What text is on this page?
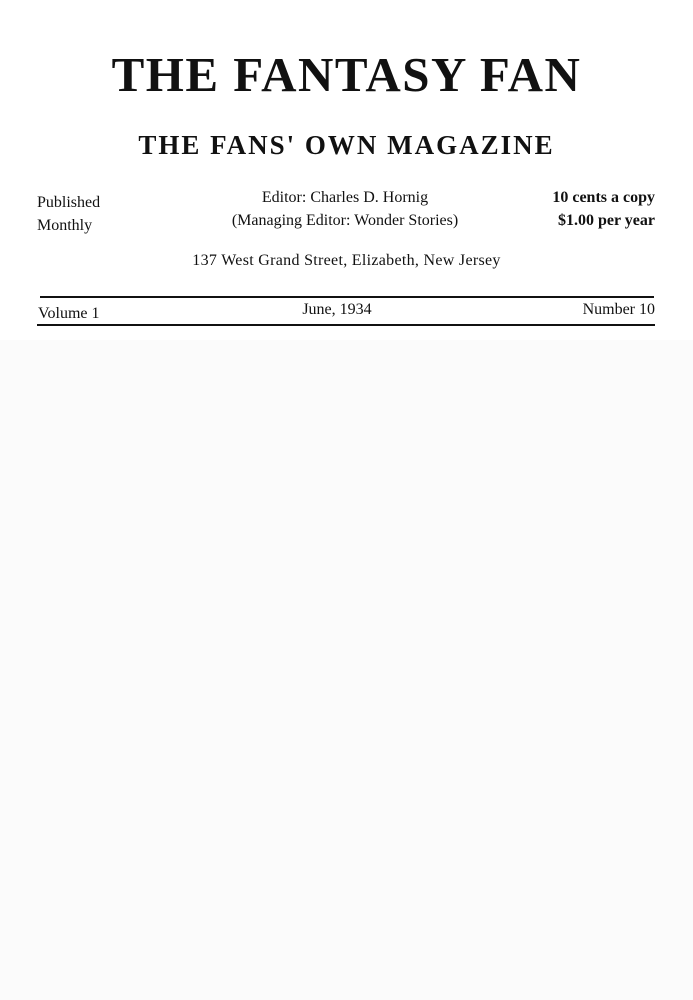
THE FANTASY FAN
THE FANS' OWN MAGAZINE
Published
Monthly
Editor: Charles D. Hornig
(Managing Editor: Wonder Stories)
10 cents a copy
$1.00 per year
137 West Grand Street, Elizabeth, New Jersey
Volume 1	June, 1934	Number 10
